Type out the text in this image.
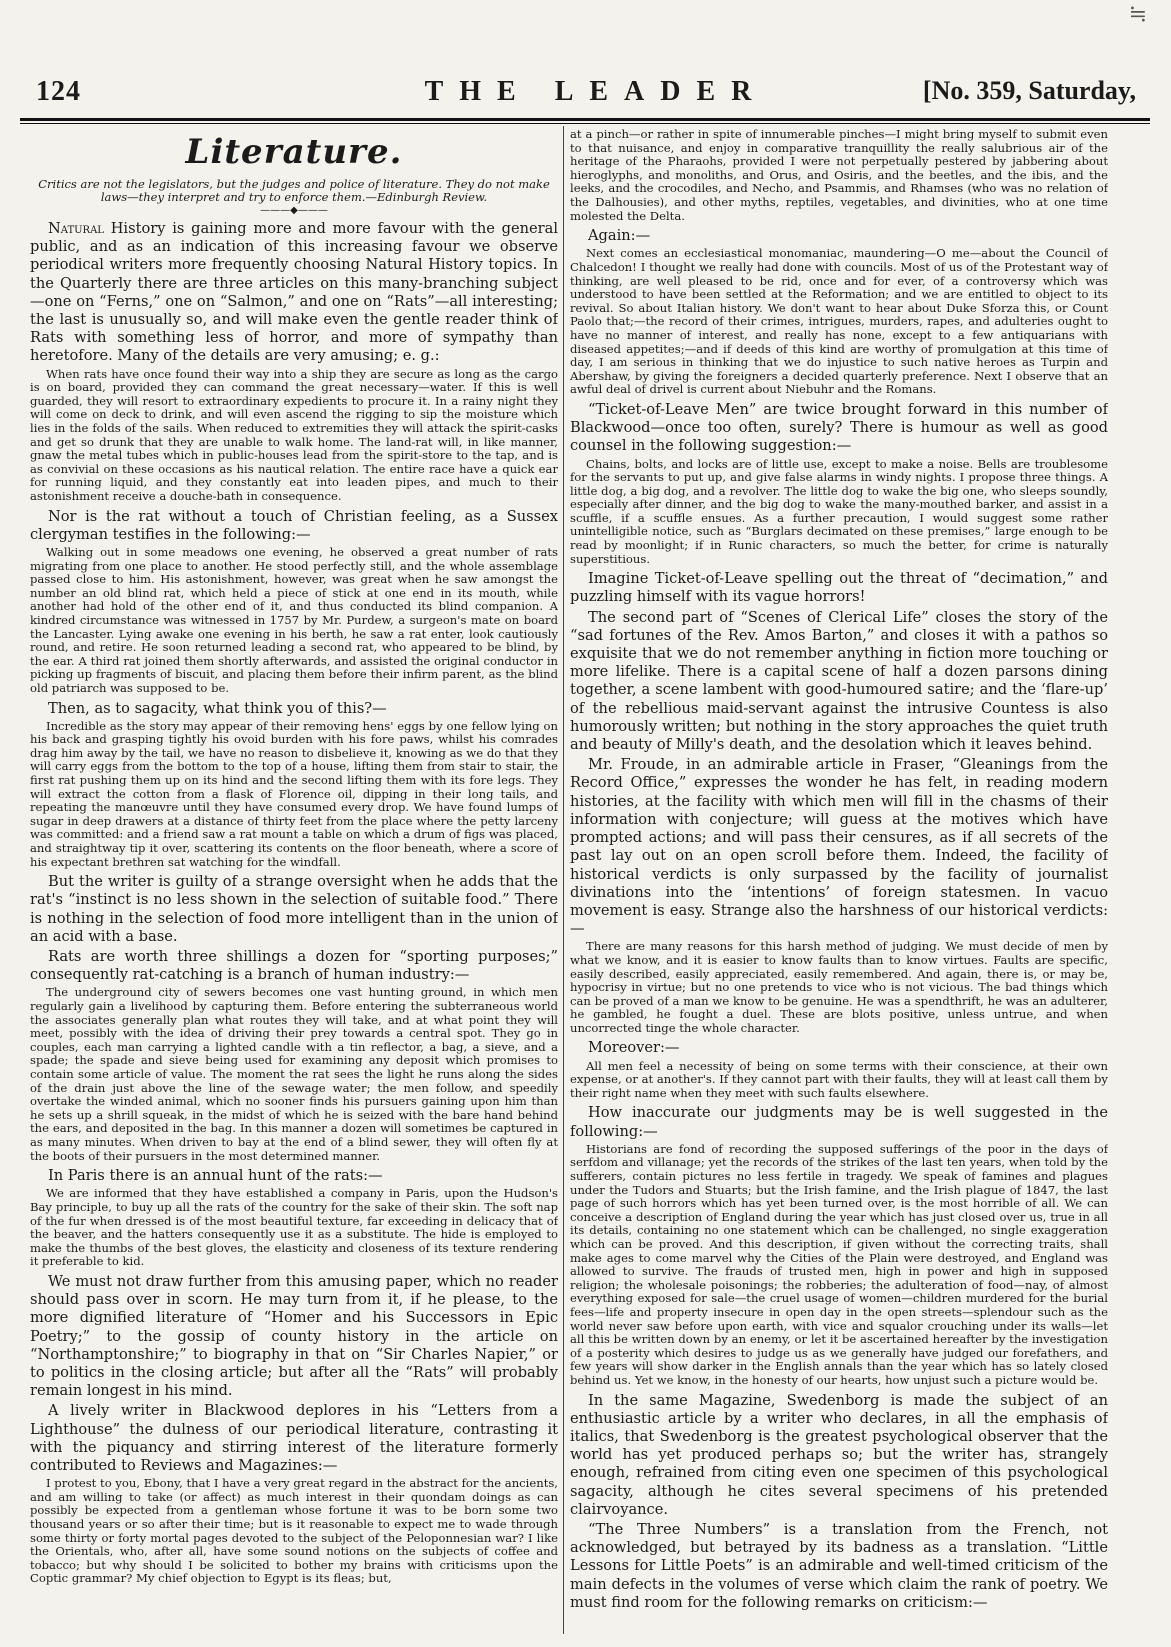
≒
124	THE LEADER	[No. 359, Saturday,
Literature.

Critics are not the legislators, but the judges and police of literature. They do not make laws—they interpret and try to enforce them.—Edinburgh Review.

———◆———

Natural History is gaining more and more favour with the general public, and as an indication of this increasing favour we observe periodical writers more frequently choosing Natural History topics. In the Quarterly there are three articles on this many-branching subject—one on “Ferns,” one on “Salmon,” and one on “Rats”—all interesting; the last is unusually so, and will make even the gentle reader think of Rats with something less of horror, and more of sympathy than heretofore. Many of the details are very amusing; e. g.:

When rats have once found their way into a ship they are secure as long as the cargo is on board, provided they can command the great necessary—water. If this is well guarded, they will resort to extraordinary expedients to procure it. In a rainy night they will come on deck to drink, and will even ascend the rigging to sip the moisture which lies in the folds of the sails. When reduced to extremities they will attack the spirit-casks and get so drunk that they are unable to walk home. The land-rat will, in like manner, gnaw the metal tubes which in public-houses lead from the spirit-store to the tap, and is as convivial on these occasions as his nautical relation. The entire race have a quick ear for running liquid, and they constantly eat into leaden pipes, and much to their astonishment receive a douche-bath in consequence.

Nor is the rat without a touch of Christian feeling, as a Sussex clergyman testifies in the following:—

Walking out in some meadows one evening, he observed a great number of rats migrating from one place to another. He stood perfectly still, and the whole assemblage passed close to him. His astonishment, however, was great when he saw amongst the number an old blind rat, which held a piece of stick at one end in its mouth, while another had hold of the other end of it, and thus conducted its blind companion. A kindred circumstance was witnessed in 1757 by Mr. Purdew, a surgeon's mate on board the Lancaster. Lying awake one evening in his berth, he saw a rat enter, look cautiously round, and retire. He soon returned leading a second rat, who appeared to be blind, by the ear. A third rat joined them shortly afterwards, and assisted the original conductor in picking up fragments of biscuit, and placing them before their infirm parent, as the blind old patriarch was supposed to be.

Then, as to sagacity, what think you of this?—

Incredible as the story may appear of their removing hens' eggs by one fellow lying on his back and grasping tightly his ovoid burden with his fore paws, whilst his comrades drag him away by the tail, we have no reason to disbelieve it, knowing as we do that they will carry eggs from the bottom to the top of a house, lifting them from stair to stair, the first rat pushing them up on its hind and the second lifting them with its fore legs. They will extract the cotton from a flask of Florence oil, dipping in their long tails, and repeating the manœuvre until they have consumed every drop. We have found lumps of sugar in deep drawers at a distance of thirty feet from the place where the petty larceny was committed: and a friend saw a rat mount a table on which a drum of figs was placed, and straightway tip it over, scattering its contents on the floor beneath, where a score of his expectant brethren sat watching for the windfall.

But the writer is guilty of a strange oversight when he adds that the rat's “instinct is no less shown in the selection of suitable food.” There is nothing in the selection of food more intelligent than in the union of an acid with a base.

Rats are worth three shillings a dozen for “sporting purposes;” consequently rat-catching is a branch of human industry:—

The underground city of sewers becomes one vast hunting ground, in which men regularly gain a livelihood by capturing them. Before entering the subterraneous world the associates generally plan what routes they will take, and at what point they will meet, possibly with the idea of driving their prey towards a central spot. They go in couples, each man carrying a lighted candle with a tin reflector, a bag, a sieve, and a spade; the spade and sieve being used for examining any deposit which promises to contain some article of value. The moment the rat sees the light he runs along the sides of the drain just above the line of the sewage water; the men follow, and speedily overtake the winded animal, which no sooner finds his pursuers gaining upon him than he sets up a shrill squeak, in the midst of which he is seized with the bare hand behind the ears, and deposited in the bag. In this manner a dozen will sometimes be captured in as many minutes. When driven to bay at the end of a blind sewer, they will often fly at the boots of their pursuers in the most determined manner.

In Paris there is an annual hunt of the rats:—

We are informed that they have established a company in Paris, upon the Hudson's Bay principle, to buy up all the rats of the country for the sake of their skin. The soft nap of the fur when dressed is of the most beautiful texture, far exceeding in delicacy that of the beaver, and the hatters consequently use it as a substitute. The hide is employed to make the thumbs of the best gloves, the elasticity and closeness of its texture rendering it preferable to kid.

We must not draw further from this amusing paper, which no reader should pass over in scorn. He may turn from it, if he please, to the more dignified literature of “Homer and his Successors in Epic Poetry;” to the gossip of county history in the article on “Northamptonshire;” to biography in that on “Sir Charles Napier,” or to politics in the closing article; but after all the “Rats” will probably remain longest in his mind.

A lively writer in Blackwood deplores in his “Letters from a Lighthouse” the dulness of our periodical literature, contrasting it with the piquancy and stirring interest of the literature formerly contributed to Reviews and Magazines:—

I protest to you, Ebony, that I have a very great regard in the abstract for the ancients, and am willing to take (or affect) as much interest in their quondam doings as can possibly be expected from a gentleman whose fortune it was to be born some two thousand years or so after their time; but is it reasonable to expect me to wade through some thirty or forty mortal pages devoted to the subject of the Peloponnesian war? I like the Orientals, who, after all, have some sound notions on the subjects of coffee and tobacco; but why should I be solicited to bother my brains with criticisms upon the Coptic grammar? My chief objection to Egypt is its fleas; but,

at a pinch—or rather in spite of innumerable pinches—I might bring myself to submit even to that nuisance, and enjoy in comparative tranquillity the really salubrious air of the heritage of the Pharaohs, provided I were not perpetually pestered by jabbering about hieroglyphs, and monoliths, and Orus, and Osiris, and the beetles, and the ibis, and the leeks, and the crocodiles, and Necho, and Psammis, and Rhamses (who was no relation of the Dalhousies), and other myths, reptiles, vegetables, and divinities, who at one time molested the Delta.

Again:—

Next comes an ecclesiastical monomaniac, maundering—O me—about the Council of Chalcedon! I thought we really had done with councils. Most of us of the Protestant way of thinking, are well pleased to be rid, once and for ever, of a controversy which was understood to have been settled at the Reformation; and we are entitled to object to its revival. So about Italian history. We don't want to hear about Duke Sforza this, or Count Paolo that;—the record of their crimes, intrigues, murders, rapes, and adulteries ought to have no manner of interest, and really has none, except to a few antiquarians with diseased appetites;—and if deeds of this kind are worthy of promulgation at this time of day, I am serious in thinking that we do injustice to such native heroes as Turpin and Abershaw, by giving the foreigners a decided quarterly preference. Next I observe that an awful deal of drivel is current about Niebuhr and the Romans.

“Ticket-of-Leave Men” are twice brought forward in this number of Blackwood—once too often, surely? There is humour as well as good counsel in the following suggestion:—

Chains, bolts, and locks are of little use, except to make a noise. Bells are troublesome for the servants to put up, and give false alarms in windy nights. I propose three things. A little dog, a big dog, and a revolver. The little dog to wake the big one, who sleeps soundly, especially after dinner, and the big dog to wake the many-mouthed barker, and assist in a scuffle, if a scuffle ensues. As a further precaution, I would suggest some rather unintelligible notice, such as “Burglars decimated on these premises,” large enough to be read by moonlight; if in Runic characters, so much the better, for crime is naturally superstitious.

Imagine Ticket-of-Leave spelling out the threat of “decimation,” and puzzling himself with its vague horrors!

The second part of “Scenes of Clerical Life” closes the story of the “sad fortunes of the Rev. Amos Barton,” and closes it with a pathos so exquisite that we do not remember anything in fiction more touching or more lifelike. There is a capital scene of half a dozen parsons dining together, a scene lambent with good-humoured satire; and the ‘flare-up’ of the rebellious maid-servant against the intrusive Countess is also humorously written; but nothing in the story approaches the quiet truth and beauty of Milly's death, and the desolation which it leaves behind.

Mr. Froude, in an admirable article in Fraser, “Gleanings from the Record Office,” expresses the wonder he has felt, in reading modern histories, at the facility with which men will fill in the chasms of their information with conjecture; will guess at the motives which have prompted actions; and will pass their censures, as if all secrets of the past lay out on an open scroll before them. Indeed, the facility of historical verdicts is only surpassed by the facility of journalist divinations into the ‘intentions’ of foreign statesmen. In vacuo movement is easy. Strange also the harshness of our historical verdicts:—

There are many reasons for this harsh method of judging. We must decide of men by what we know, and it is easier to know faults than to know virtues. Faults are specific, easily described, easily appreciated, easily remembered. And again, there is, or may be, hypocrisy in virtue; but no one pretends to vice who is not vicious. The bad things which can be proved of a man we know to be genuine. He was a spendthrift, he was an adulterer, he gambled, he fought a duel. These are blots positive, unless untrue, and when uncorrected tinge the whole character.

Moreover:—

All men feel a necessity of being on some terms with their conscience, at their own expense, or at another's. If they cannot part with their faults, they will at least call them by their right name when they meet with such faults elsewhere.

How inaccurate our judgments may be is well suggested in the following:—

Historians are fond of recording the supposed sufferings of the poor in the days of serfdom and villanage; yet the records of the strikes of the last ten years, when told by the sufferers, contain pictures no less fertile in tragedy. We speak of famines and plagues under the Tudors and Stuarts; but the Irish famine, and the Irish plague of 1847, the last page of such horrors which has yet been turned over, is the most horrible of all. We can conceive a description of England during the year which has just closed over us, true in all its details, containing no one statement which can be challenged, no single exaggeration which can be proved. And this description, if given without the correcting traits, shall make ages to come marvel why the Cities of the Plain were destroyed, and England was allowed to survive. The frauds of trusted men, high in power and high in supposed religion; the wholesale poisonings; the robberies; the adulteration of food—nay, of almost everything exposed for sale—the cruel usage of women—children murdered for the burial fees—life and property insecure in open day in the open streets—splendour such as the world never saw before upon earth, with vice and squalor crouching under its walls—let all this be written down by an enemy, or let it be ascertained hereafter by the investigation of a posterity which desires to judge us as we generally have judged our forefathers, and few years will show darker in the English annals than the year which has so lately closed behind us. Yet we know, in the honesty of our hearts, how unjust such a picture would be.

In the same Magazine, Swedenborg is made the subject of an enthusiastic article by a writer who declares, in all the emphasis of italics, that Swedenborg is the greatest psychological observer that the world has yet produced perhaps so; but the writer has, strangely enough, refrained from citing even one specimen of this psychological sagacity, although he cites several specimens of his pretended clairvoyance.

“The Three Numbers” is a translation from the French, not acknowledged, but betrayed by its badness as a translation. “Little Lessons for Little Poets” is an admirable and well-timed criticism of the main defects in the volumes of verse which claim the rank of poetry. We must find room for the following remarks on criticism:—
